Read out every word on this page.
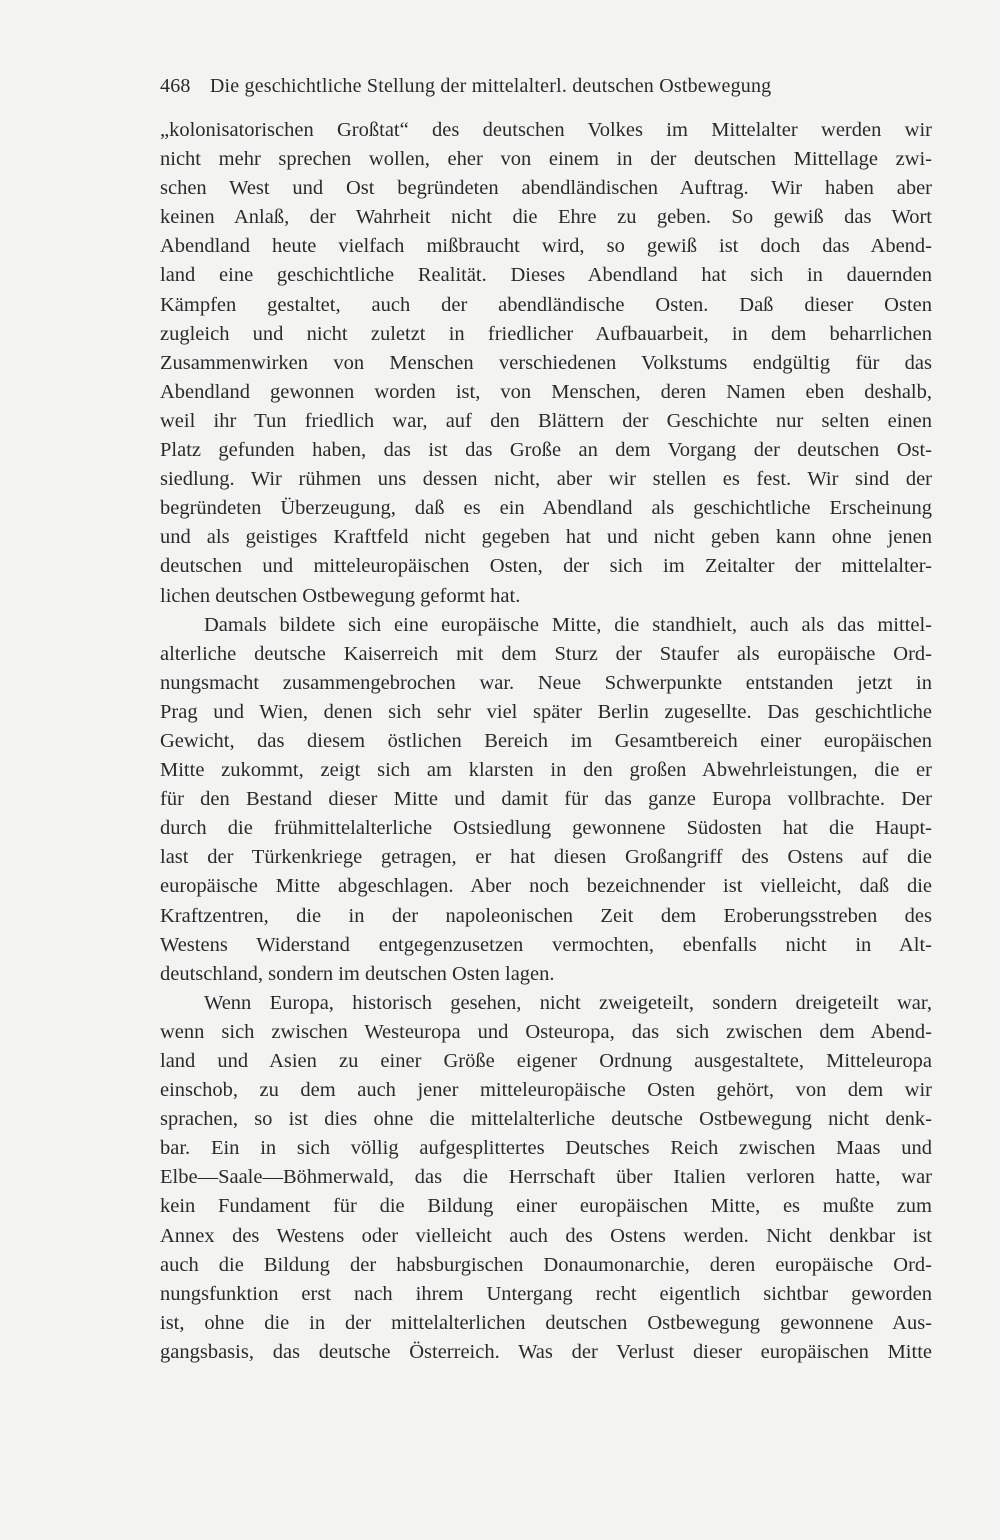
468 Die geschichtliche Stellung der mittelalterl. deutschen Ostbewegung
„kolonisatorischen Großtat“ des deutschen Volkes im Mittelalter werden wir
nicht mehr sprechen wollen, eher von einem in der deutschen Mittellage zwi-
schen West und Ost begründeten abendländischen Auftrag. Wir haben aber
keinen Anlaß, der Wahrheit nicht die Ehre zu geben. So gewiß das Wort
Abendland heute vielfach mißbraucht wird, so gewiß ist doch das Abend-
land eine geschichtliche Realität. Dieses Abendland hat sich in dauernden
Kämpfen gestaltet, auch der abendländische Osten. Daß dieser Osten
zugleich und nicht zuletzt in friedlicher Aufbauarbeit, in dem beharrlichen
Zusammenwirken von Menschen verschiedenen Volkstums endgültig für das
Abendland gewonnen worden ist, von Menschen, deren Namen eben deshalb,
weil ihr Tun friedlich war, auf den Blättern der Geschichte nur selten einen
Platz gefunden haben, das ist das Große an dem Vorgang der deutschen Ost-
siedlung. Wir rühmen uns dessen nicht, aber wir stellen es fest. Wir sind der
begründeten Überzeugung, daß es ein Abendland als geschichtliche Erscheinung
und als geistiges Kraftfeld nicht gegeben hat und nicht geben kann ohne jenen
deutschen und mitteleuropäischen Osten, der sich im Zeitalter der mittelalter-
lichen deutschen Ostbewegung geformt hat.
Damals bildete sich eine europäische Mitte, die standhielt, auch als das mittel-
alterliche deutsche Kaiserreich mit dem Sturz der Staufer als europäische Ord-
nungsmacht zusammengebrochen war. Neue Schwerpunkte entstanden jetzt in
Prag und Wien, denen sich sehr viel später Berlin zugesellte. Das geschichtliche
Gewicht, das diesem östlichen Bereich im Gesamtbereich einer europäischen
Mitte zukommt, zeigt sich am klarsten in den großen Abwehrleistungen, die er
für den Bestand dieser Mitte und damit für das ganze Europa vollbrachte. Der
durch die frühmittelalterliche Ostsiedlung gewonnene Südosten hat die Haupt-
last der Türkenkriege getragen, er hat diesen Großangriff des Ostens auf die
europäische Mitte abgeschlagen. Aber noch bezeichnender ist vielleicht, daß die
Kraftzentren, die in der napoleonischen Zeit dem Eroberungsstreben des
Westens Widerstand entgegenzusetzen vermochten, ebenfalls nicht in Alt-
deutschland, sondern im deutschen Osten lagen.
Wenn Europa, historisch gesehen, nicht zweigeteilt, sondern dreigeteilt war,
wenn sich zwischen Westeuropa und Osteuropa, das sich zwischen dem Abend-
land und Asien zu einer Größe eigener Ordnung ausgestaltete, Mitteleuropa
einschob, zu dem auch jener mitteleuropäische Osten gehört, von dem wir
sprachen, so ist dies ohne die mittelalterliche deutsche Ostbewegung nicht denk-
bar. Ein in sich völlig aufgesplittertes Deutsches Reich zwischen Maas und
Elbe—Saale—Böhmerwald, das die Herrschaft über Italien verloren hatte, war
kein Fundament für die Bildung einer europäischen Mitte, es mußte zum
Annex des Westens oder vielleicht auch des Ostens werden. Nicht denkbar ist
auch die Bildung der habsburgischen Donaumonarchie, deren europäische Ord-
nungsfunktion erst nach ihrem Untergang recht eigentlich sichtbar geworden
ist, ohne die in der mittelalterlichen deutschen Ostbewegung gewonnene Aus-
gangsbasis, das deutsche Österreich. Was der Verlust dieser europäischen Mitte
